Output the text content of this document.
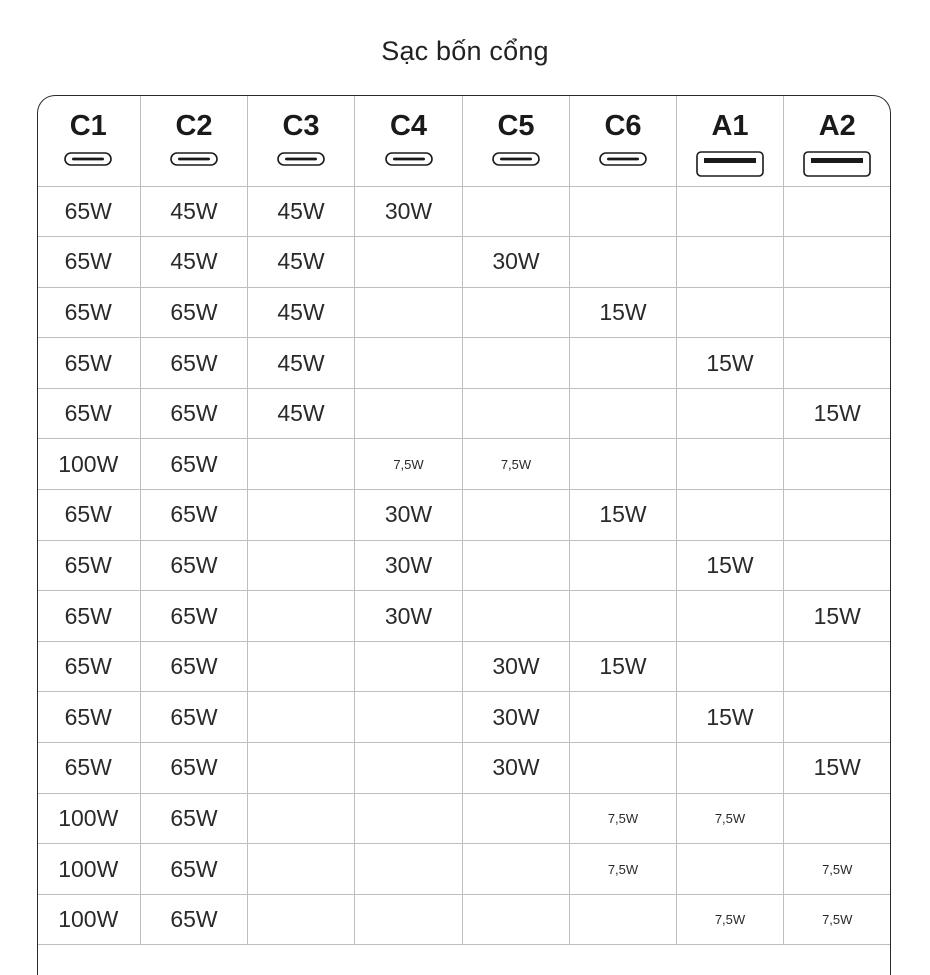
Sạc bốn cổng
C1	C2	C3	C4	C5	C6	A1	A2

65W	45W	45W	30W				
65W	45W	45W		30W			
65W	65W	45W			15W		
65W	65W	45W				15W	
65W	65W	45W					15W
100W	65W		7,5W	7,5W			
65W	65W		30W		15W		
65W	65W		30W			15W	
65W	65W		30W				15W
65W	65W			30W	15W		
65W	65W			30W		15W	
65W	65W			30W			15W
100W	65W				7,5W	7,5W	
100W	65W				7,5W		7,5W
100W	65W					7,5W	7,5W
